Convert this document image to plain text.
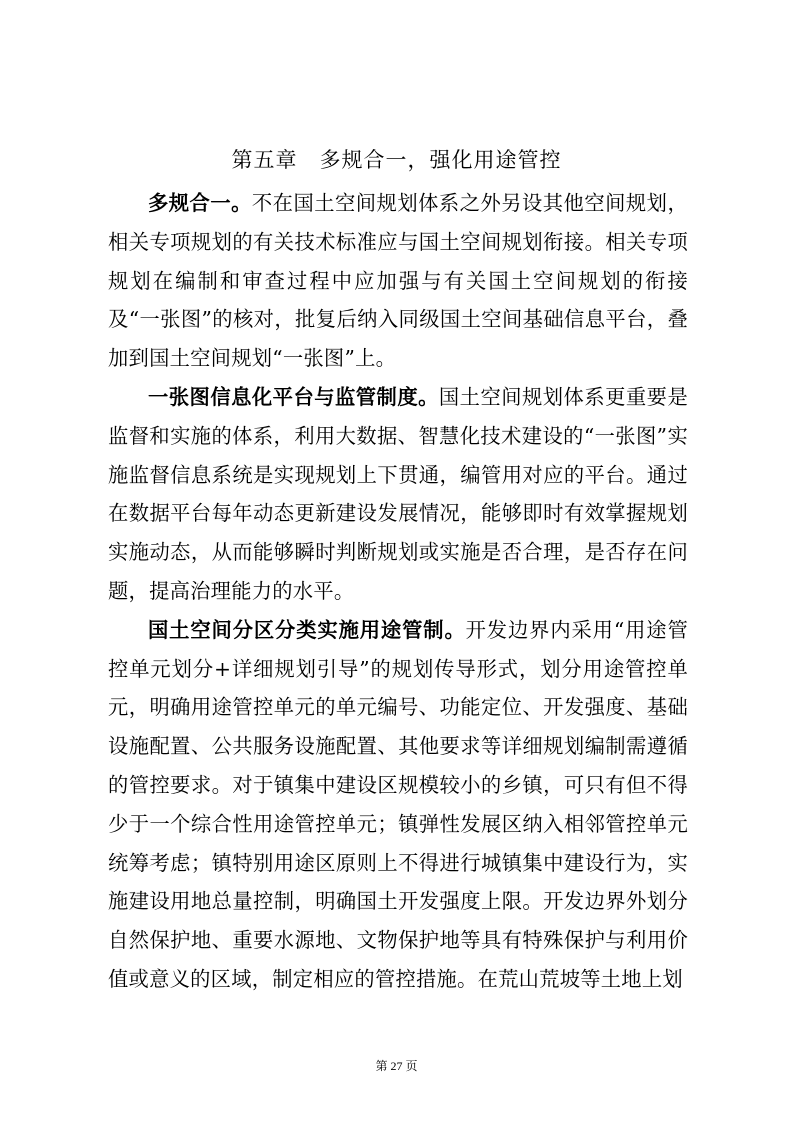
第五章　多规合一，强化用途管控

多规合一。不在国土空间规划体系之外另设其他空间规划，相关专项规划的有关技术标准应与国土空间规划衔接。相关专项规划在编制和审查过程中应加强与有关国土空间规划的衔接及“一张图”的核对，批复后纳入同级国土空间基础信息平台，叠加到国土空间规划“一张图”上。

一张图信息化平台与监管制度。国土空间规划体系更重要是监督和实施的体系，利用大数据、智慧化技术建设的“一张图”实施监督信息系统是实现规划上下贯通，编管用对应的平台。通过在数据平台每年动态更新建设发展情况，能够即时有效掌握规划实施动态，从而能够瞬时判断规划或实施是否合理，是否存在问题，提高治理能力的水平。

国土空间分区分类实施用途管制。开发边界内采用“用途管控单元划分+详细规划引导”的规划传导形式，划分用途管控单元，明确用途管控单元的单元编号、功能定位、开发强度、基础设施配置、公共服务设施配置、其他要求等详细规划编制需遵循的管控要求。对于镇集中建设区规模较小的乡镇，可只有但不得少于一个综合性用途管控单元；镇弹性发展区纳入相邻管控单元统筹考虑；镇特别用途区原则上不得进行城镇集中建设行为，实施建设用地总量控制，明确国土开发强度上限。开发边界外划分自然保护地、重要水源地、文物保护地等具有特殊保护与利用价值或意义的区域，制定相应的管控措施。在荒山荒坡等土地上划

第 27 页
